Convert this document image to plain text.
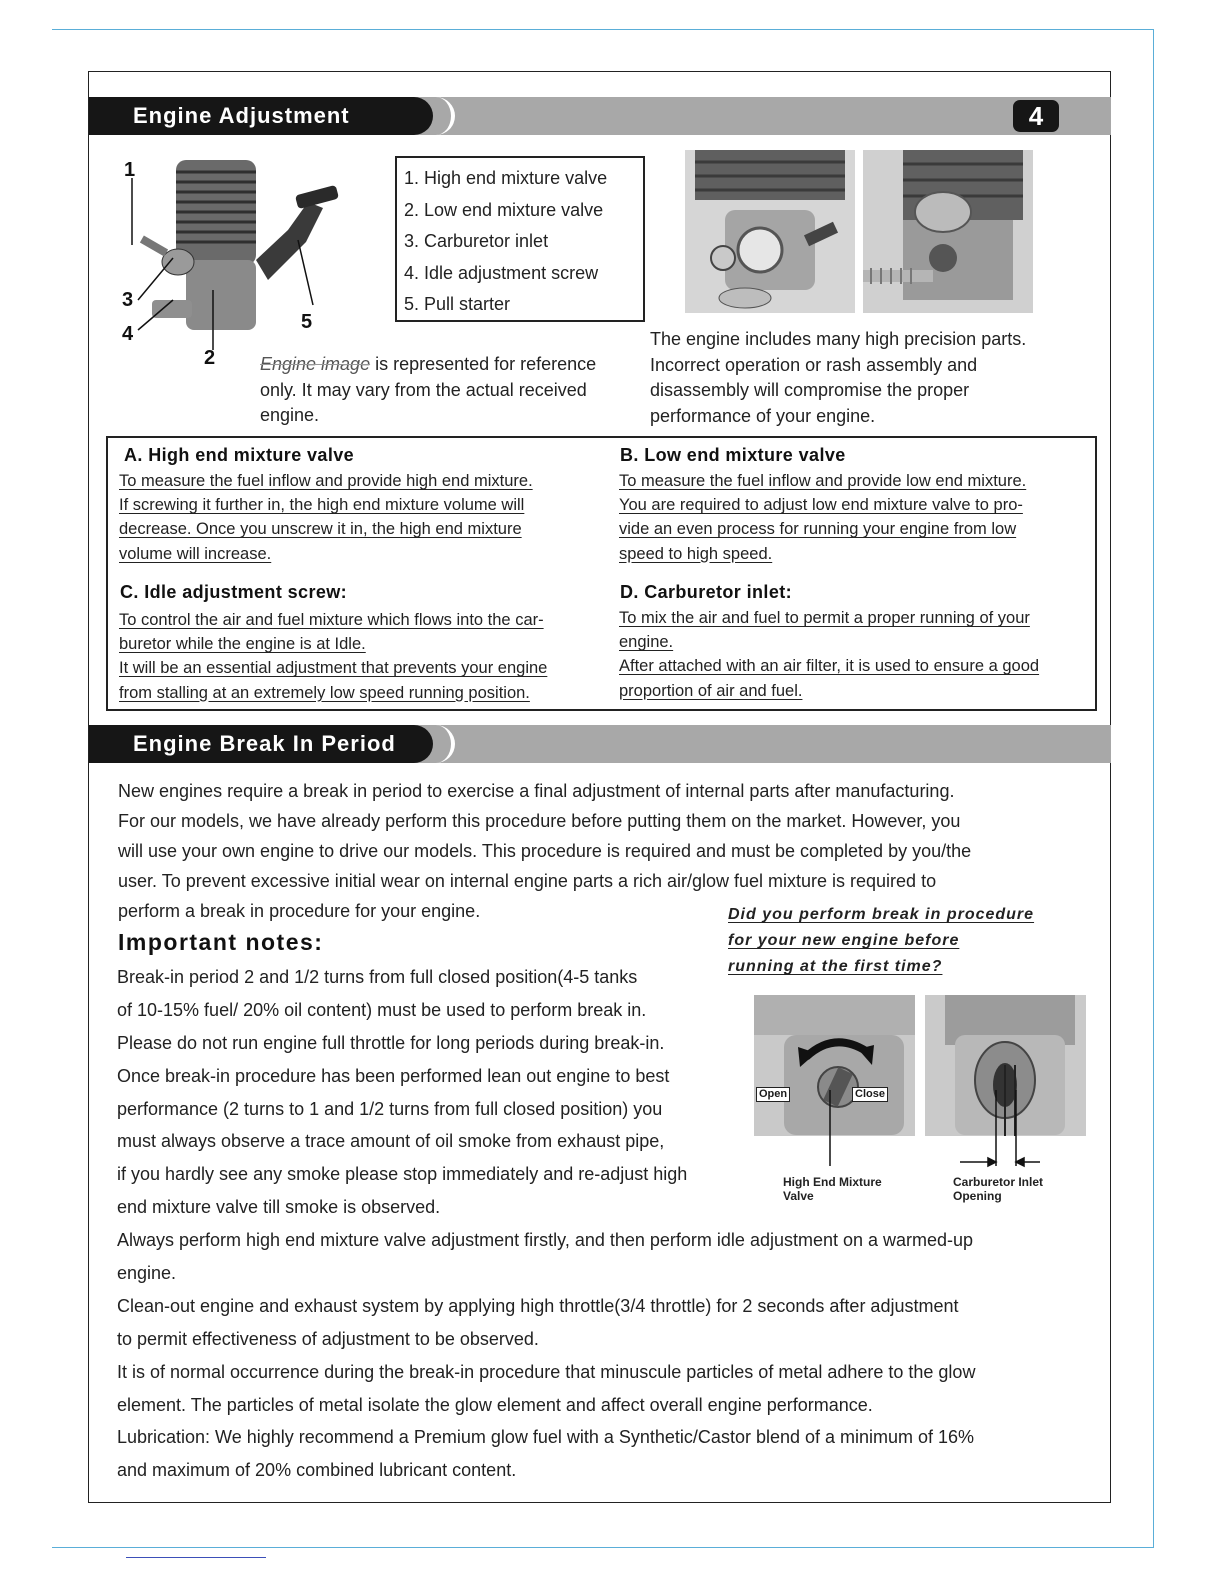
Engine Adjustment	4
1
2
3
4
5
1. High end mixture valve
2. Low end mixture valve
3. Carburetor inlet
4. Idle adjustment screw
5. Pull starter
Engine image is represented for reference
only. It may vary from the actual received
engine.
The engine includes many high precision parts.
Incorrect operation or rash assembly and
disassembly will compromise the proper
performance of your engine.
A. High end mixture valve
To measure the fuel inflow and provide high end mixture.
If screwing it further in, the high end mixture volume will
decrease. Once you unscrew it in, the high end mixture
volume will increase.
B. Low end mixture valve
To measure the fuel inflow and provide low end mixture.
You are required to adjust low end mixture valve to pro-
vide an even process for running your engine from low
speed to high speed.
C. Idle adjustment screw:
To control the air and fuel mixture which flows into the car-
buretor while the engine is at Idle.
It will be an essential adjustment that prevents your engine
from stalling at an extremely low speed running position.
D. Carburetor inlet:
To mix the air and fuel to permit a proper running of your
engine.
After attached with an air filter, it is used to ensure a good
proportion of air and fuel.
Engine Break In Period
New engines require a break in period to exercise a final adjustment of internal parts after manufacturing.
For our models, we have already perform this procedure before putting them on the market. However, you
will use your own engine to drive our models. This procedure is required and must be completed by you/the
user. To prevent excessive initial wear on internal engine parts a rich air/glow fuel mixture is required to
perform a break in procedure for your engine.
Important notes:
Did you perform break in procedure
for your new engine before
running at the first time?
Break-in period 2 and 1/2 turns from full closed position(4-5 tanks
of 10-15% fuel/ 20% oil content) must be used to perform break in.
Please do not run engine full throttle for long periods during break-in.
Once break-in procedure has been performed lean out engine to best
performance (2 turns to 1 and 1/2 turns from full closed position) you
must always observe a trace amount of oil smoke from exhaust pipe,
if you hardly see any smoke please stop immediately and re-adjust high
end mixture valve till smoke is observed.
Always perform high end mixture valve adjustment firstly, and then perform idle adjustment on a warmed-up
engine.
Clean-out engine and exhaust system by applying high throttle(3/4 throttle) for 2 seconds after adjustment
to permit effectiveness of adjustment to be observed.
It is of normal occurrence during the break-in procedure that minuscule particles of metal adhere to the glow
element. The particles of metal isolate the glow element and affect overall engine performance.
Lubrication: We highly recommend a Premium glow fuel with a Synthetic/Castor blend of a minimum of 16%
and maximum of 20% combined lubricant content.
Open	Close
High End Mixture
Valve
Carburetor Inlet
Opening
